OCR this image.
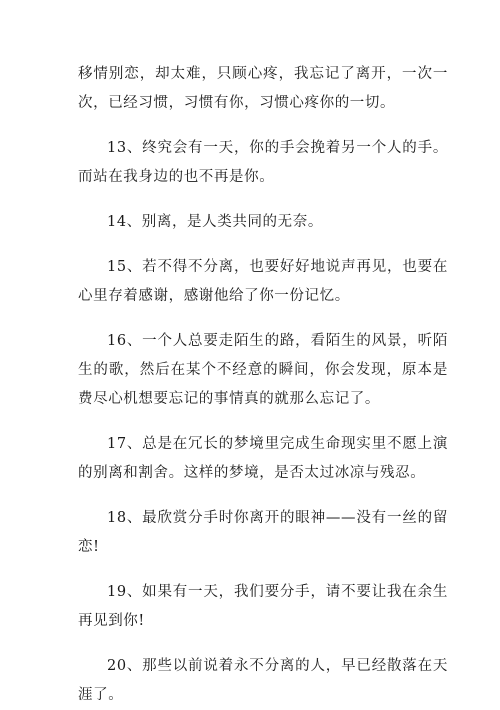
移情别恋，却太难，只顾心疼，我忘记了离开，一次一次，已经习惯，习惯有你，习惯心疼你的一切。

13、终究会有一天，你的手会挽着另一个人的手。而站在我身边的也不再是你。

14、别离，是人类共同的无奈。

15、若不得不分离，也要好好地说声再见，也要在心里存着感谢，感谢他给了你一份记忆。

16、一个人总要走陌生的路，看陌生的风景，听陌生的歌，然后在某个不经意的瞬间，你会发现，原本是费尽心机想要忘记的事情真的就那么忘记了。

17、总是在冗长的梦境里完成生命现实里不愿上演的别离和割舍。这样的梦境，是否太过冰凉与残忍。

18、最欣赏分手时你离开的眼神——没有一丝的留恋!

19、如果有一天，我们要分手，请不要让我在余生再见到你!

20、那些以前说着永不分离的人，早已经散落在天涯了。
